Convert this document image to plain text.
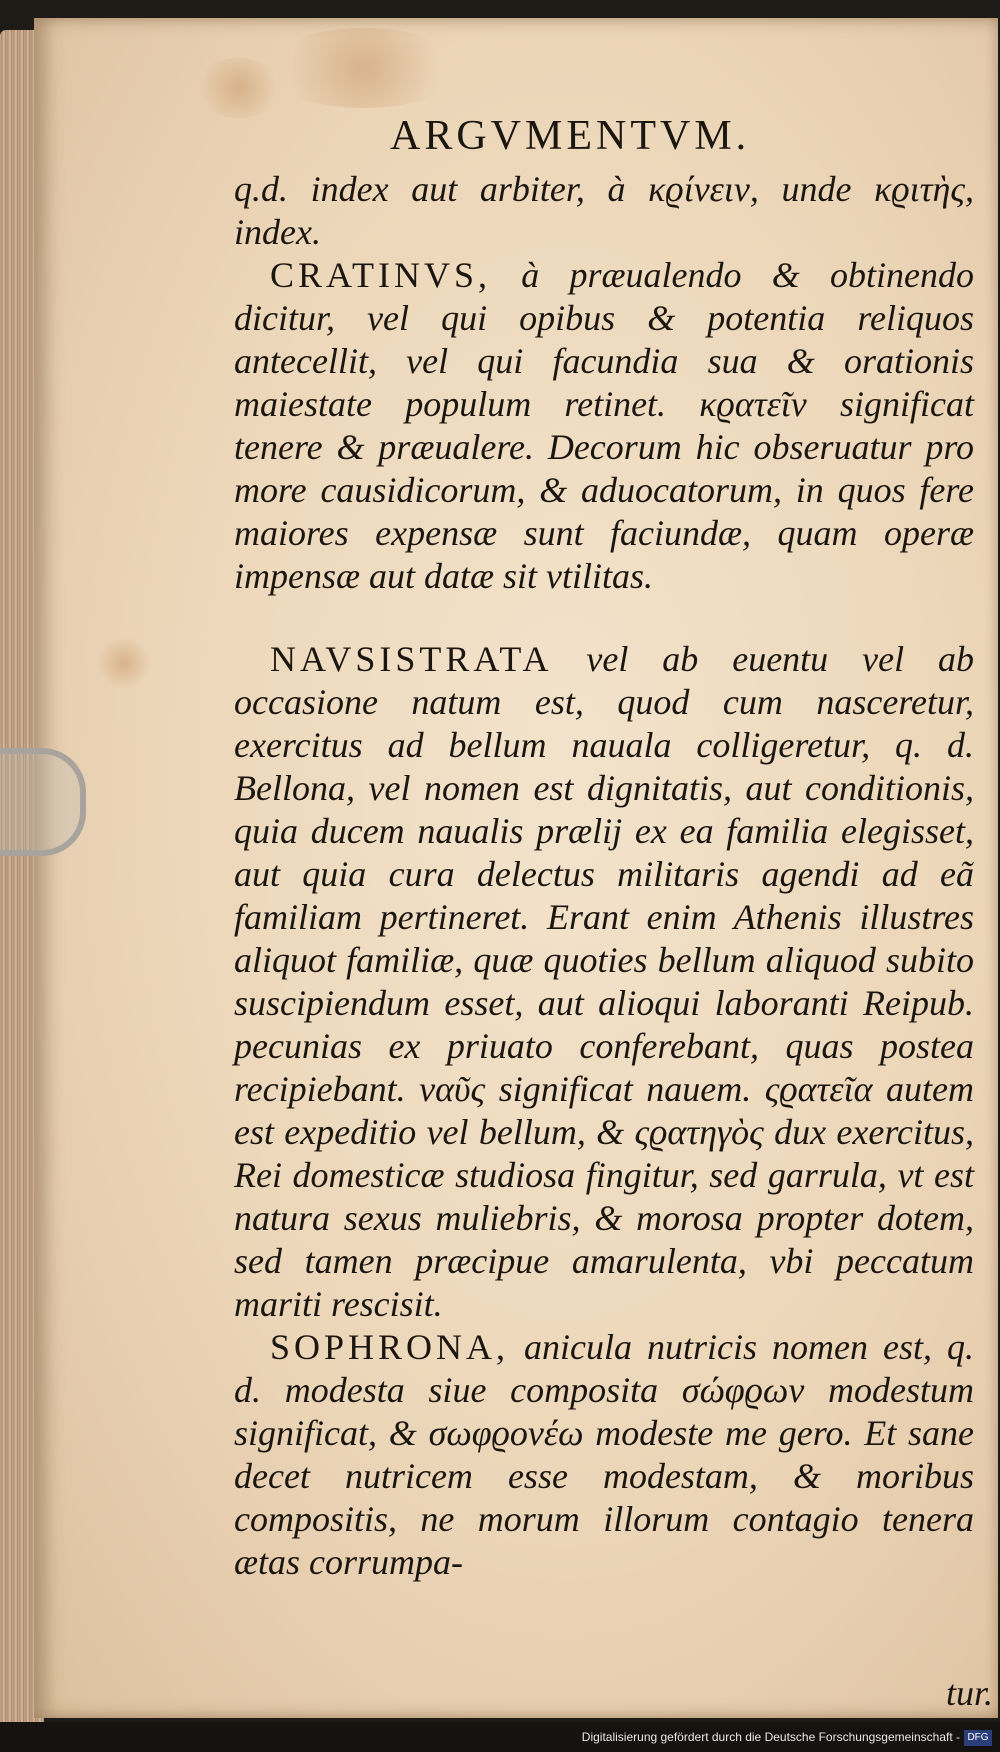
ARGVMENTVM .

q.d. index aut arbiter, à κϱίνειν, unde κϱιτὴς, index.

CRATINVS, à præualendo & obtinendo dicitur, vel qui opibus & potentia reliquos antecellit, vel qui facundia sua & orationis maiestate populum retinet. κϱατεῖν significat tenere & præualere. Decorum hic obseruatur pro more causidicorum, & aduocatorum, in quos fere maiores expensæ sunt faciundæ, quam operæ impensæ aut datæ sit vtilitas.

NAVSISTRATA vel ab euentu vel ab occasione natum est, quod cum nasceretur, exercitus ad bellum nauala colligeretur, q. d. Bellona, vel nomen est dignitatis, aut conditionis, quia ducem naualis prælij ex ea familia elegisset, aut quia cura delectus militaris agendi ad eã familiam pertineret. Erant enim Athenis illustres aliquot familiæ, quæ quoties bellum aliquod subito suscipiendum esset, aut alioqui laboranti Reipub. pecunias ex priuato conferebant, quas postea recipiebant. ναῦς significat nauem. ςϱατεῖα autem est expeditio vel bellum, & ςϱατηγὸς dux exercitus, Rei domesticæ studiosa fingitur, sed garrula, vt est natura sexus muliebris, & morosa propter dotem, sed tamen præcipue amarulenta, vbi peccatum mariti rescisit.

SOPHRONA, anicula nutricis nomen est, q. d. modesta siue composita σώφϱων modestum significat, & σωφϱονέω modeste me gero. Et sane decet nutricem esse modestam, & moribus compositis, ne morum illorum contagio tenera ætas corrumpa-

tur.
Digitalisierung gefördert durch die Deutsche Forschungsgemeinschaft - DFG
